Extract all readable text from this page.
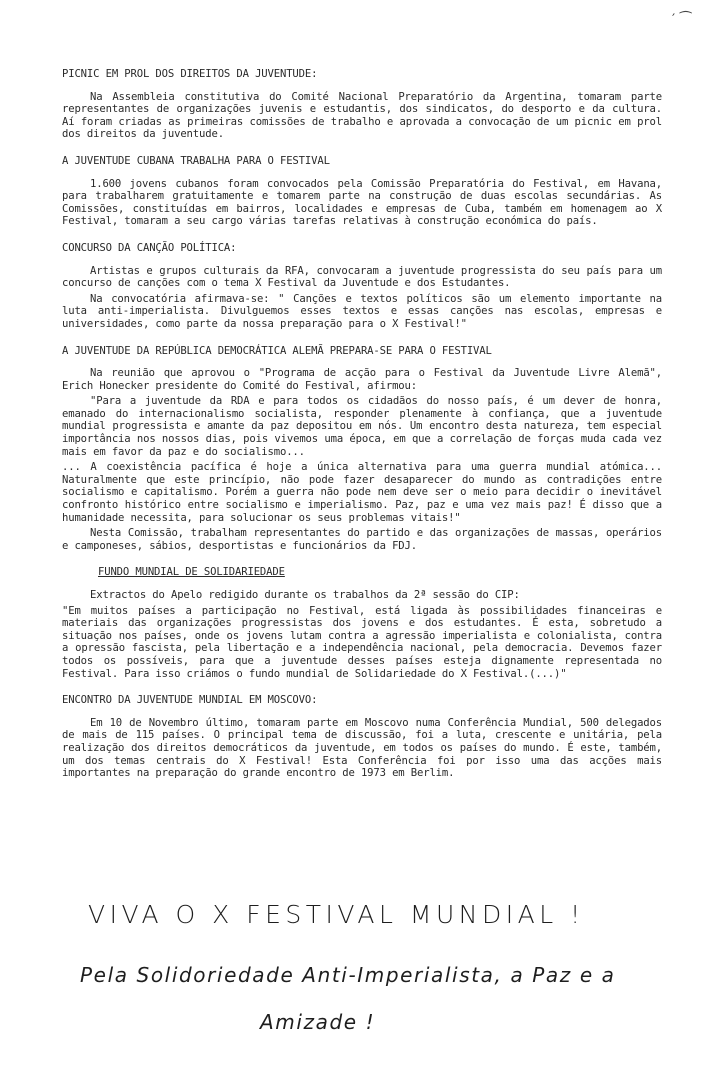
′ ͡
PICNIC EM PROL DOS DIREITOS DA JUVENTUDE:

Na Assembleia constitutiva do Comité Nacional Preparatório da Argentina, tomaram parte representantes de organizações juvenis e estudantis, dos sindicatos, do desporto e da cultura. Aí foram criadas as primeiras comissões de trabalho e aprovada a convocação de um picnic em prol dos direitos da juventude.

A JUVENTUDE CUBANA TRABALHA PARA O FESTIVAL

1.600 jovens cubanos foram convocados pela Comissão Preparatória do Festival, em Havana, para trabalharem gratuitamente e tomarem parte na construção de duas escolas secundárias. As Comissões, constituídas em bairros, localidades e empresas de Cuba, também em homenagem ao X Festival, tomaram a seu cargo várias tarefas relativas à construção económica do país.

CONCURSO DA CANÇÃO POLÍTICA:

Artistas e grupos culturais da RFA, convocaram a juventude progressista do seu país para um concurso de canções com o tema X Festival da Juventude e dos Estudantes.

Na convocatória afirmava-se: " Canções e textos políticos são um elemento importante na luta anti-imperialista. Divulguemos esses textos e essas canções nas escolas, empresas e universidades, como parte da nossa preparação para o X Festival!"

A JUVENTUDE DA REPÚBLICA DEMOCRÁTICA ALEMÃ PREPARA-SE PARA O FESTIVAL

Na reunião que aprovou o "Programa de acção para o Festival da Juventude Livre Alemã", Erich Honecker presidente do Comité do Festival, afirmou:

"Para a juventude da RDA e para todos os cidadãos do nosso país, é um dever de honra, emanado do internacionalismo socialista, responder plenamente à confiança, que a juventude mundial progressista e amante da paz depositou em nós. Um encontro desta natureza, tem especial importância nos nossos dias, pois vivemos uma época, em que a correlação de forças muda cada vez mais em favor da paz e do socialismo...

... A coexistência pacífica é hoje a única alternativa para uma guerra mundial atómica... Naturalmente que este princípio, não pode fazer desaparecer do mundo as contradições entre socialismo e capitalismo. Porém a guerra não pode nem deve ser o meio para decidir o inevitável confronto histórico entre socialismo e imperialismo. Paz, paz e uma vez mais paz! É disso que a humanidade necessita, para solucionar os seus problemas vitais!"

Nesta Comissão, trabalham representantes do partido e das organizações de massas, operários e camponeses, sábios, desportistas e funcionários da FDJ.

FUNDO MUNDIAL DE SOLIDARIEDADE

Extractos do Apelo redigido durante os trabalhos da 2ª sessão do CIP:

"Em muitos países a participação no Festival, está ligada às possibilidades financeiras e materiais das organizações progressistas dos jovens e dos estudantes. É esta, sobretudo a situação nos países, onde os jovens lutam contra a agressão imperialista e colonialista, contra a opressão fascista, pela libertação e a independência nacional, pela democracia. Devemos fazer todos os possíveis, para que a juventude desses países esteja dignamente representada no Festival. Para isso criámos o fundo mundial de Solidariedade do X Festival.(...)"

ENCONTRO DA JUVENTUDE MUNDIAL EM MOSCOVO:

Em 10 de Novembro último, tomaram parte em Moscovo numa Conferência Mundial, 500 delegados de mais de 115 países. O principal tema de discussão, foi a luta, crescente e unitária, pela realização dos direitos democráticos da juventude, em todos os países do mundo. É este, também, um dos temas centrais do X Festival! Esta Conferência foi por isso uma das acções mais importantes na preparação do grande encontro de 1973 em Berlim.

VIVA O X FESTIVAL MUNDIAL !
Pela Solidoriedade Anti-Imperialista, a Paz e a
Amizade !
